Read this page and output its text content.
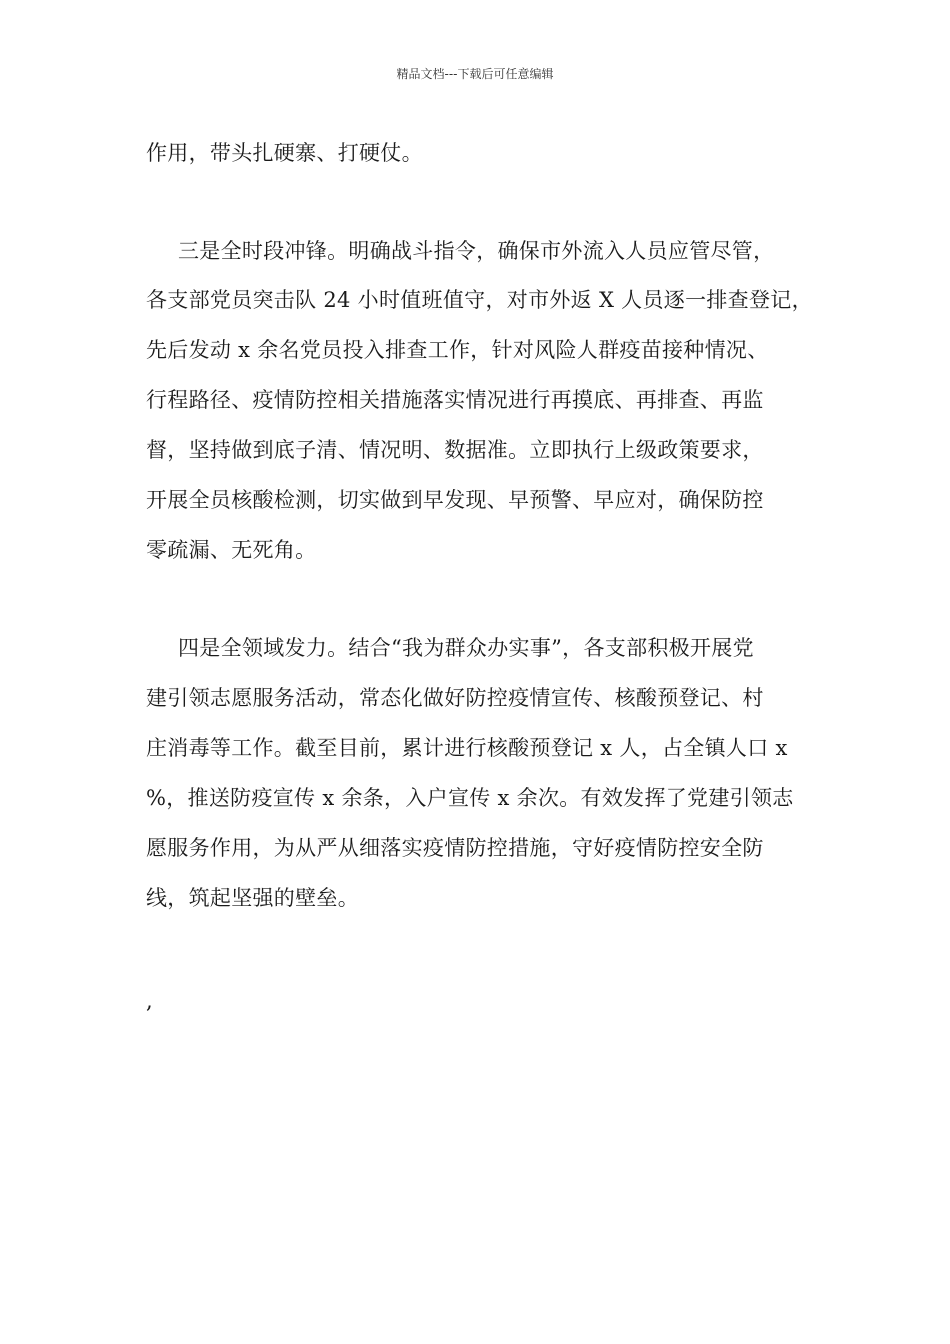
精品文档---下载后可任意编辑
作用，带头扎硬寨、打硬仗。
三是全时段冲锋。明确战斗指令，确保市外流入人员应管尽管，
各支部党员突击队 24 小时值班值守，对市外返 X 人员逐一排查登记，
先后发动 x 余名党员投入排查工作，针对风险人群疫苗接种情况、
行程路径、疫情防控相关措施落实情况进行再摸底、再排查、再监
督，坚持做到底子清、情况明、数据准。立即执行上级政策要求，
开展全员核酸检测，切实做到早发现、早预警、早应对，确保防控
零疏漏、无死角。
四是全领域发力。结合“我为群众办实事”，各支部积极开展党
建引领志愿服务活动，常态化做好防控疫情宣传、核酸预登记、村
庄消毒等工作。截至目前，累计进行核酸预登记 x 人，占全镇人口 x
%，推送防疫宣传 x 余条，入户宣传 x 余次。有效发挥了党建引领志
愿服务作用，为从严从细落实疫情防控措施，守好疫情防控安全防
线，筑起坚强的壁垒。
,
